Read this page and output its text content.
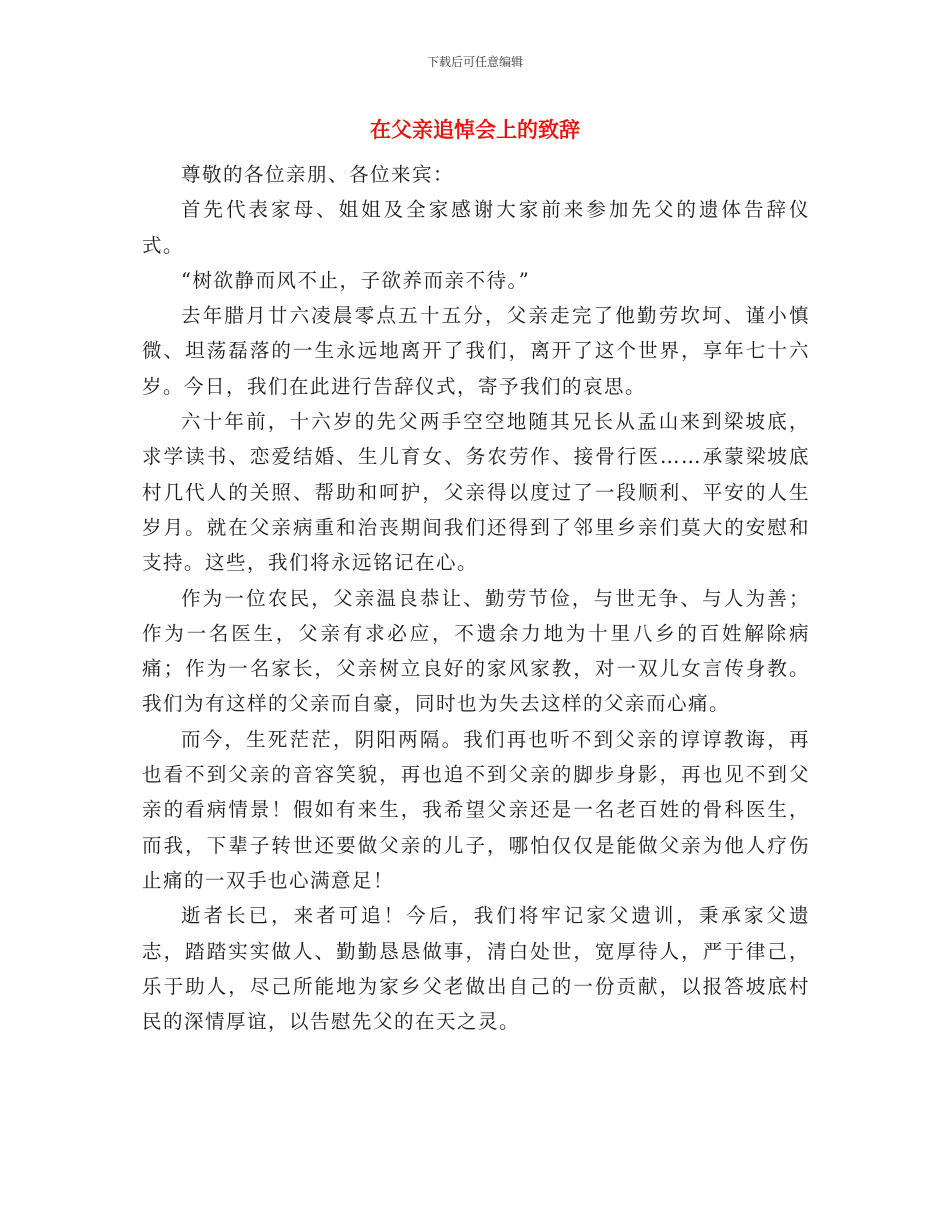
下载后可任意编辑
在父亲追悼会上的致辞

尊敬的各位亲朋、各位来宾：

首先代表家母、姐姐及全家感谢大家前来参加先父的遗体告辞仪式。

“树欲静而风不止，子欲养而亲不待。”

去年腊月廿六凌晨零点五十五分，父亲走完了他勤劳坎坷、谨小慎微、坦荡磊落的一生永远地离开了我们，离开了这个世界，享年七十六岁。今日，我们在此进行告辞仪式，寄予我们的哀思。

六十年前，十六岁的先父两手空空地随其兄长从孟山来到梁坡底，求学读书、恋爱结婚、生儿育女、务农劳作、接骨行医……承蒙梁坡底村几代人的关照、帮助和呵护，父亲得以度过了一段顺利、平安的人生岁月。就在父亲病重和治丧期间我们还得到了邻里乡亲们莫大的安慰和支持。这些，我们将永远铭记在心。

作为一位农民，父亲温良恭让、勤劳节俭，与世无争、与人为善；作为一名医生，父亲有求必应，不遗余力地为十里八乡的百姓解除病痛；作为一名家长，父亲树立良好的家风家教，对一双儿女言传身教。我们为有这样的父亲而自豪，同时也为失去这样的父亲而心痛。

而今，生死茫茫，阴阳两隔。我们再也听不到父亲的谆谆教诲，再也看不到父亲的音容笑貌，再也追不到父亲的脚步身影，再也见不到父亲的看病情景！假如有来生，我希望父亲还是一名老百姓的骨科医生，而我，下辈子转世还要做父亲的儿子，哪怕仅仅是能做父亲为他人疗伤止痛的一双手也心满意足！

逝者长已，来者可追！今后，我们将牢记家父遗训，秉承家父遗志，踏踏实实做人、勤勤恳恳做事，清白处世，宽厚待人，严于律己，乐于助人，尽己所能地为家乡父老做出自己的一份贡献，以报答坡底村民的深情厚谊，以告慰先父的在天之灵。
